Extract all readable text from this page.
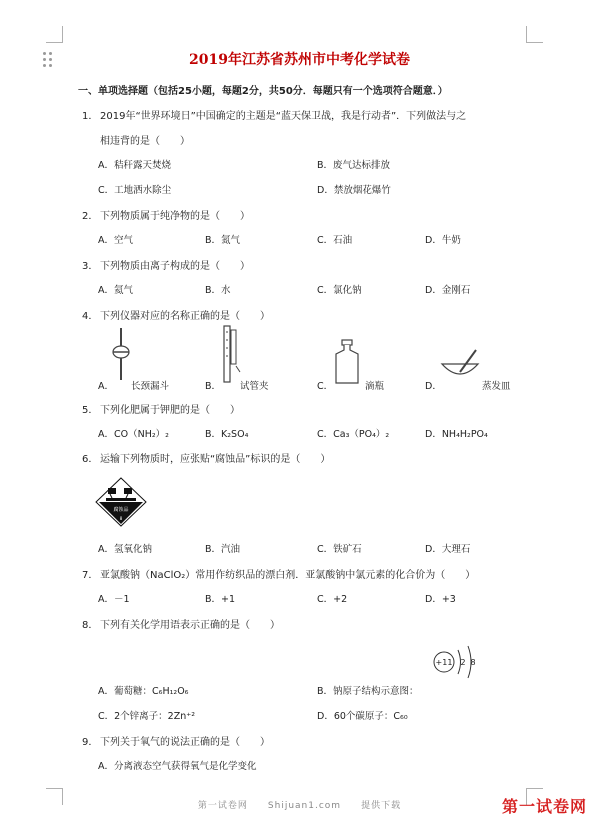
2019年江苏省苏州市中考化学试卷
一、单项选择题（包括25小题，每题2分，共50分．每题只有一个选项符合题意．）
1． 2019年“世界环境日”中国确定的主题是“蓝天保卫战，我是行动者”．下列做法与之
相违背的是（　　）
A．秸秆露天焚烧	B．废气达标排放
C．工地洒水除尘	D．禁放烟花爆竹
2． 下列物质属于纯净物的是（　　）
A．空气	B．氮气	C．石油	D．牛奶
3． 下列物质由离子构成的是（　　）
A．氦气	B．水	C．氯化钠	D．金刚石
4． 下列仪器对应的名称正确的是（　　）
A． 长颈漏斗	B． 试管夹	C．	滴瓶	D．	蒸发皿
5． 下列化肥属于钾肥的是（　　）
A．CO（NH₂）₂	B．K₂SO₄	C．Ca₃（PO₄）₂	D．NH₄H₂PO₄
6． 运输下列物质时，应张贴“腐蚀品”标识的是（　　）
腐蚀品
8
A．氢氧化钠	B．汽油	C．铁矿石	D．大理石
7． 亚氯酸钠（NaClO₂）常用作纺织品的漂白剂．亚氯酸钠中氯元素的化合价为（　　）
A．－1	B．+1	C．+2	D．+3
8． 下列有关化学用语表示正确的是（　　）
+11 2 8
A．葡萄糖：C₆H₁₂O₆	B．钠原子结构示意图：
C．2个锌离子：2Zn⁺²	D．60个碳原子：C₆₀
9． 下列关于氧气的说法正确的是（　　）
A．分离液态空气获得氧气是化学变化
第一试卷网　　Shijuan1.com　　提供下载	第一试卷网
